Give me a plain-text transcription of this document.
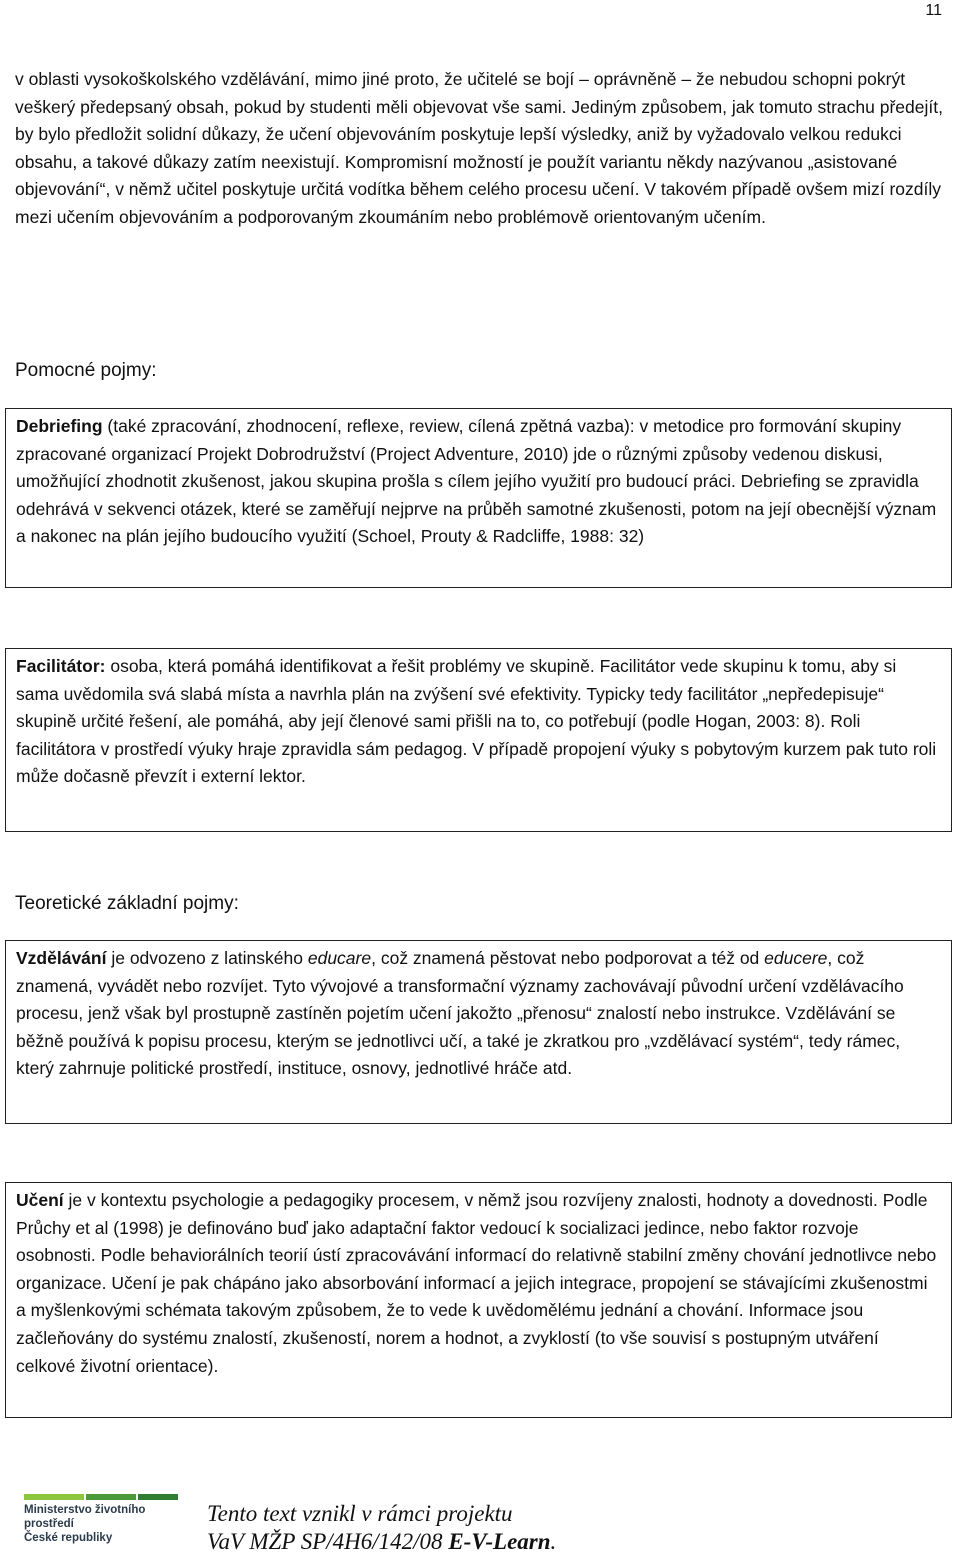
11

v oblasti vysokoškolského vzdělávání, mimo jiné proto, že učitelé se bojí – oprávněně – že nebudou schopni pokrýt veškerý předepsaný obsah, pokud by studenti měli objevovat vše sami. Jediným způsobem, jak tomuto strachu předejít, by bylo předložit solidní důkazy, že učení objevováním poskytuje lepší výsledky, aniž by vyžadovalo velkou redukci obsahu, a takové důkazy zatím neexistují. Kompromisní možností je použít variantu někdy nazývanou „asistované objevování“, v němž učitel poskytuje určitá vodítka během celého procesu učení. V takovém případě ovšem mizí rozdíly mezi učením objevováním a podporovaným zkoumáním nebo problémově orientovaným učením.

Pomocné pojmy:
Debriefing (také zpracování, zhodnocení, reflexe, review, cílená zpětná vazba): v metodice pro formování skupiny zpracované organizací Projekt Dobrodružství (Project Adventure, 2010) jde o různými způsoby vedenou diskusi, umožňující zhodnotit zkušenost, jakou skupina prošla s cílem jejího využití pro budoucí práci. Debriefing se zpravidla odehrává v sekvenci otázek, které se zaměřují nejprve na průběh samotné zkušenosti, potom na její obecnější význam a nakonec na plán jejího budoucího využití (Schoel, Prouty & Radcliffe, 1988: 32)
Facilitátor: osoba, která pomáhá identifikovat a řešit problémy ve skupině. Facilitátor vede skupinu k tomu, aby si sama uvědomila svá slabá místa a navrhla plán na zvýšení své efektivity. Typicky tedy facilitátor „nepředepisuje“ skupině určité řešení, ale pomáhá, aby její členové sami přišli na to, co potřebují (podle Hogan, 2003: 8). Roli facilitátora v prostředí výuky hraje zpravidla sám pedagog. V případě propojení výuky s pobytovým kurzem pak tuto roli může dočasně převzít i externí lektor.
Teoretické základní pojmy:
Vzdělávání je odvozeno z latinského educare, což znamená pěstovat nebo podporovat a též od educere, což znamená, vyvádět nebo rozvíjet. Tyto vývojové a transformační významy zachovávají původní určení vzdělávacího procesu, jenž však byl prostupně zastíněn pojetím učení jakožto „přenosu“ znalostí nebo instrukce. Vzdělávání se běžně používá k popisu procesu, kterým se jednotlivci učí, a také je zkratkou pro „vzdělávací systém“, tedy rámec, který zahrnuje politické prostředí, instituce, osnovy, jednotlivé hráče atd.
Učení je v kontextu psychologie a pedagogiky procesem, v němž jsou rozvíjeny znalosti, hodnoty a dovednosti. Podle Průchy et al (1998) je definováno buď jako adaptační faktor vedoucí k socializaci jedince, nebo faktor rozvoje osobnosti. Podle behaviorálních teorií ústí zpracovávání informací do relativně stabilní změny chování jednotlivce nebo organizace. Učení je pak chápáno jako absorbování informací a jejich integrace, propojení se stávajícími zkušenostmi a myšlenkovými schémata takovým způsobem, že to vede k uvědomělému jednání a chování. Informace jsou začleňovány do systému znalostí, zkušeností, norem a hodnot, a zvyklostí (to vše souvisí s postupným utváření celkové životní orientace).
Ministerstvo životního prostředí
České republiky
Tento text vznikl v rámci projektu
VaV MŽP SP/4H6/142/08 E-V-Learn.
